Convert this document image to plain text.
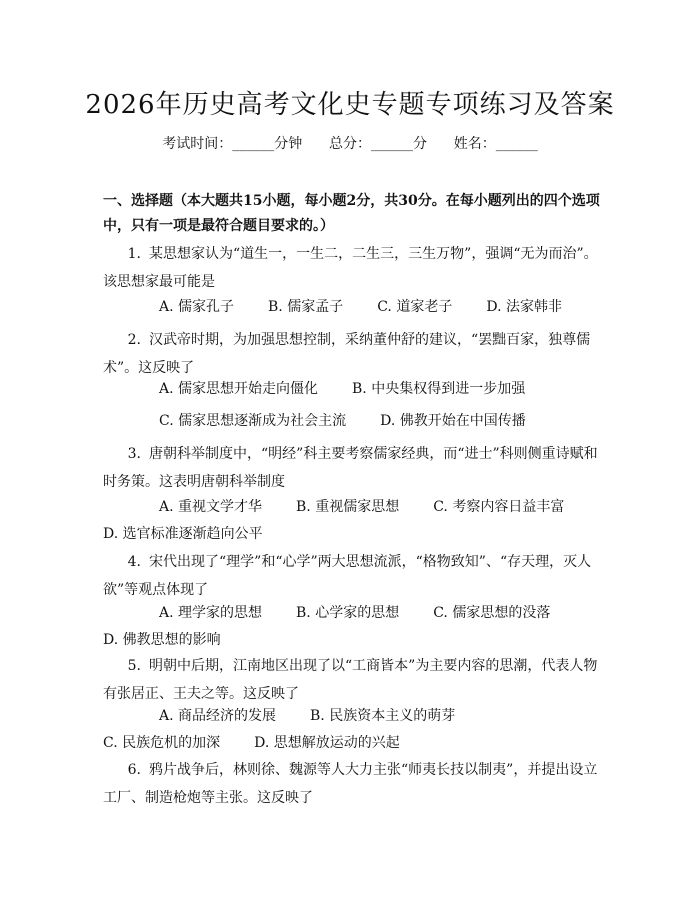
2026年历史高考文化史专题专项练习及答案
考试时间：______分钟 总分：______分 姓名：______
一、选择题（本大题共15小题，每小题2分，共30分。在每小题列出的四个选项中，只有一项是最符合题目要求的。）
1. 某思想家认为“道生一，一生二，二生三，三生万物”，强调“无为而治”。该思想家最可能是
A. 儒家孔子 B. 儒家孟子 C. 道家老子 D. 法家韩非
2. 汉武帝时期，为加强思想控制，采纳董仲舒的建议，“罢黜百家，独尊儒术”。这反映了
A. 儒家思想开始走向僵化 B. 中央集权得到进一步加强
C. 儒家思想逐渐成为社会主流 D. 佛教开始在中国传播
3. 唐朝科举制度中，“明经”科主要考察儒家经典，而“进士”科则侧重诗赋和时务策。这表明唐朝科举制度
A. 重视文学才华 B. 重视儒家思想 C. 考察内容日益丰富
D. 选官标准逐渐趋向公平
4. 宋代出现了“理学”和“心学”两大思想流派，“格物致知”、“存天理，灭人欲”等观点体现了
A. 理学家的思想 B. 心学家的思想 C. 儒家思想的没落D. 佛教思想的影响
5. 明朝中后期，江南地区出现了以“工商皆本”为主要内容的思潮，代表人物有张居正、王夫之等。这反映了
A. 商品经济的发展 B. 民族资本主义的萌芽C. 民族危机的加深 D. 思想解放运动的兴起
6. 鸦片战争后，林则徐、魏源等人大力主张“师夷长技以制夷”，并提出设立工厂、制造枪炮等主张。这反映了
